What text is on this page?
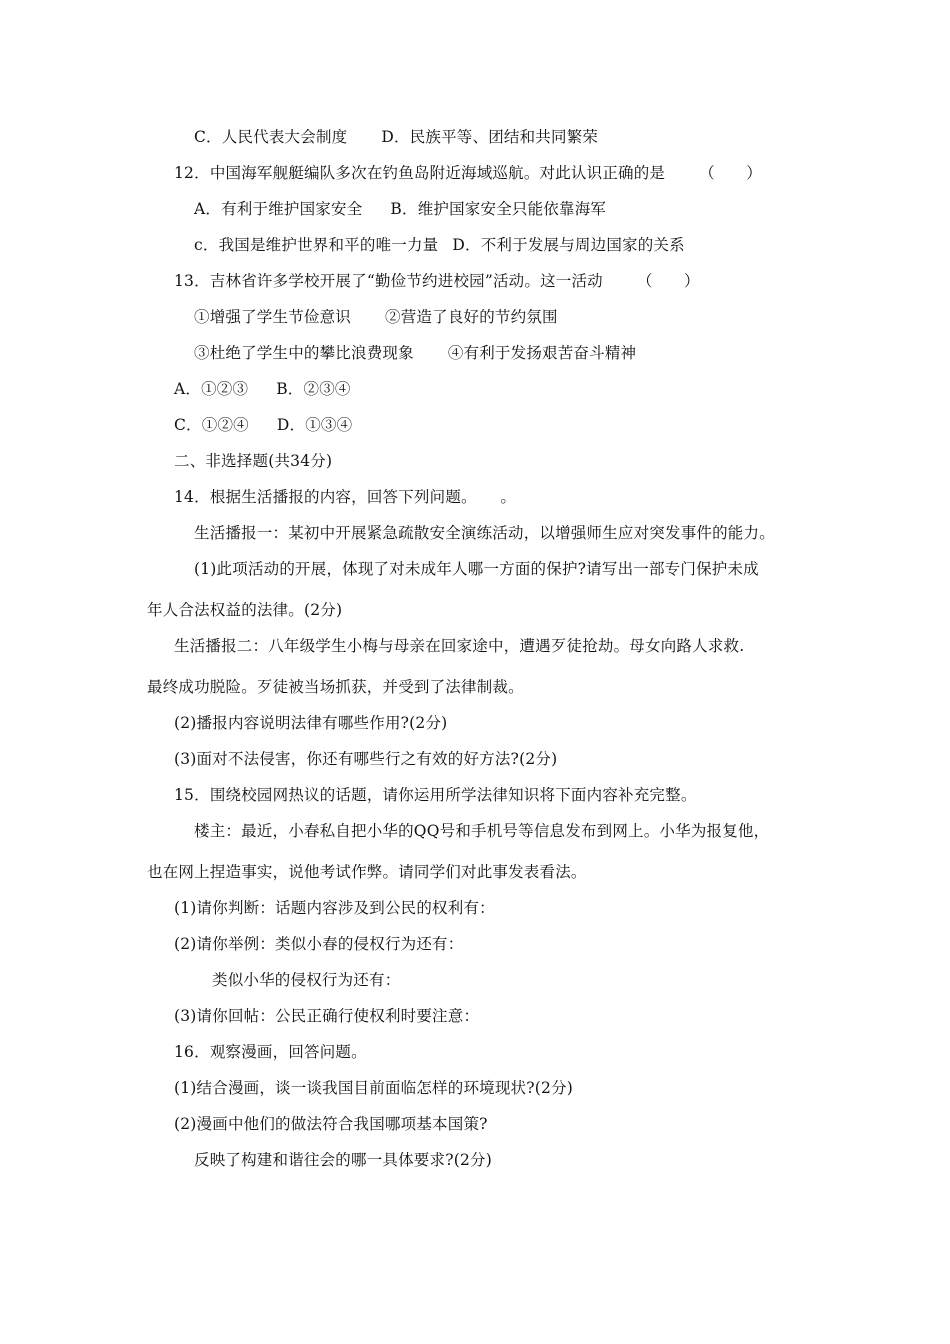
C．人民代表大会制度 D．民族平等、团结和共同繁荣
12．中国海军舰艇编队多次在钓鱼岛附近海域巡航。对此认识正确的是 （　　）
A．有利于维护国家安全 B．维护国家安全只能依靠海军
c．我国是维护世界和平的唯一力量 D．不利于发展与周边国家的关系
13．吉林省许多学校开展了“勤俭节约进校园”活动。这一活动 （　　）
①增强了学生节俭意识 ②营造了良好的节约氛围
③杜绝了学生中的攀比浪费现象 ④有利于发扬艰苦奋斗精神
A．①②③ B．②③④
C．①②④ D．①③④
二、非选择题(共34分)
14．根据生活播报的内容，回答下列问题。　　。
生活播报一：某初中开展紧急疏散安全演练活动，以增强师生应对突发事件的能力。
(1)此项活动的开展，体现了对未成年人哪一方面的保护?请写出一部专门保护未成
年人合法权益的法律。(2分)
生活播报二：八年级学生小梅与母亲在回家途中，遭遇歹徒抢劫。母女向路人求救.
最终成功脱险。歹徒被当场抓获，并受到了法律制裁。
(2)播报内容说明法律有哪些作用?(2分)
(3)面对不法侵害，你还有哪些行之有效的好方法?(2分)
15．围绕校园网热议的话题，请你运用所学法律知识将下面内容补充完整。
楼主：最近，小春私自把小华的QQ号和手机号等信息发布到网上。小华为报复他，
也在网上捏造事实，说他考试作弊。请同学们对此事发表看法。
(1)请你判断：话题内容涉及到公民的权利有：
(2)请你举例：类似小春的侵权行为还有：
类似小华的侵权行为还有：
(3)请你回帖：公民正确行使权利时要注意：
16．观察漫画，回答问题。
(1)结合漫画，谈一谈我国目前面临怎样的环境现状?(2分)
(2)漫画中他们的做法符合我国哪项基本国策?
反映了构建和谐往会的哪一具体要求?(2分)
